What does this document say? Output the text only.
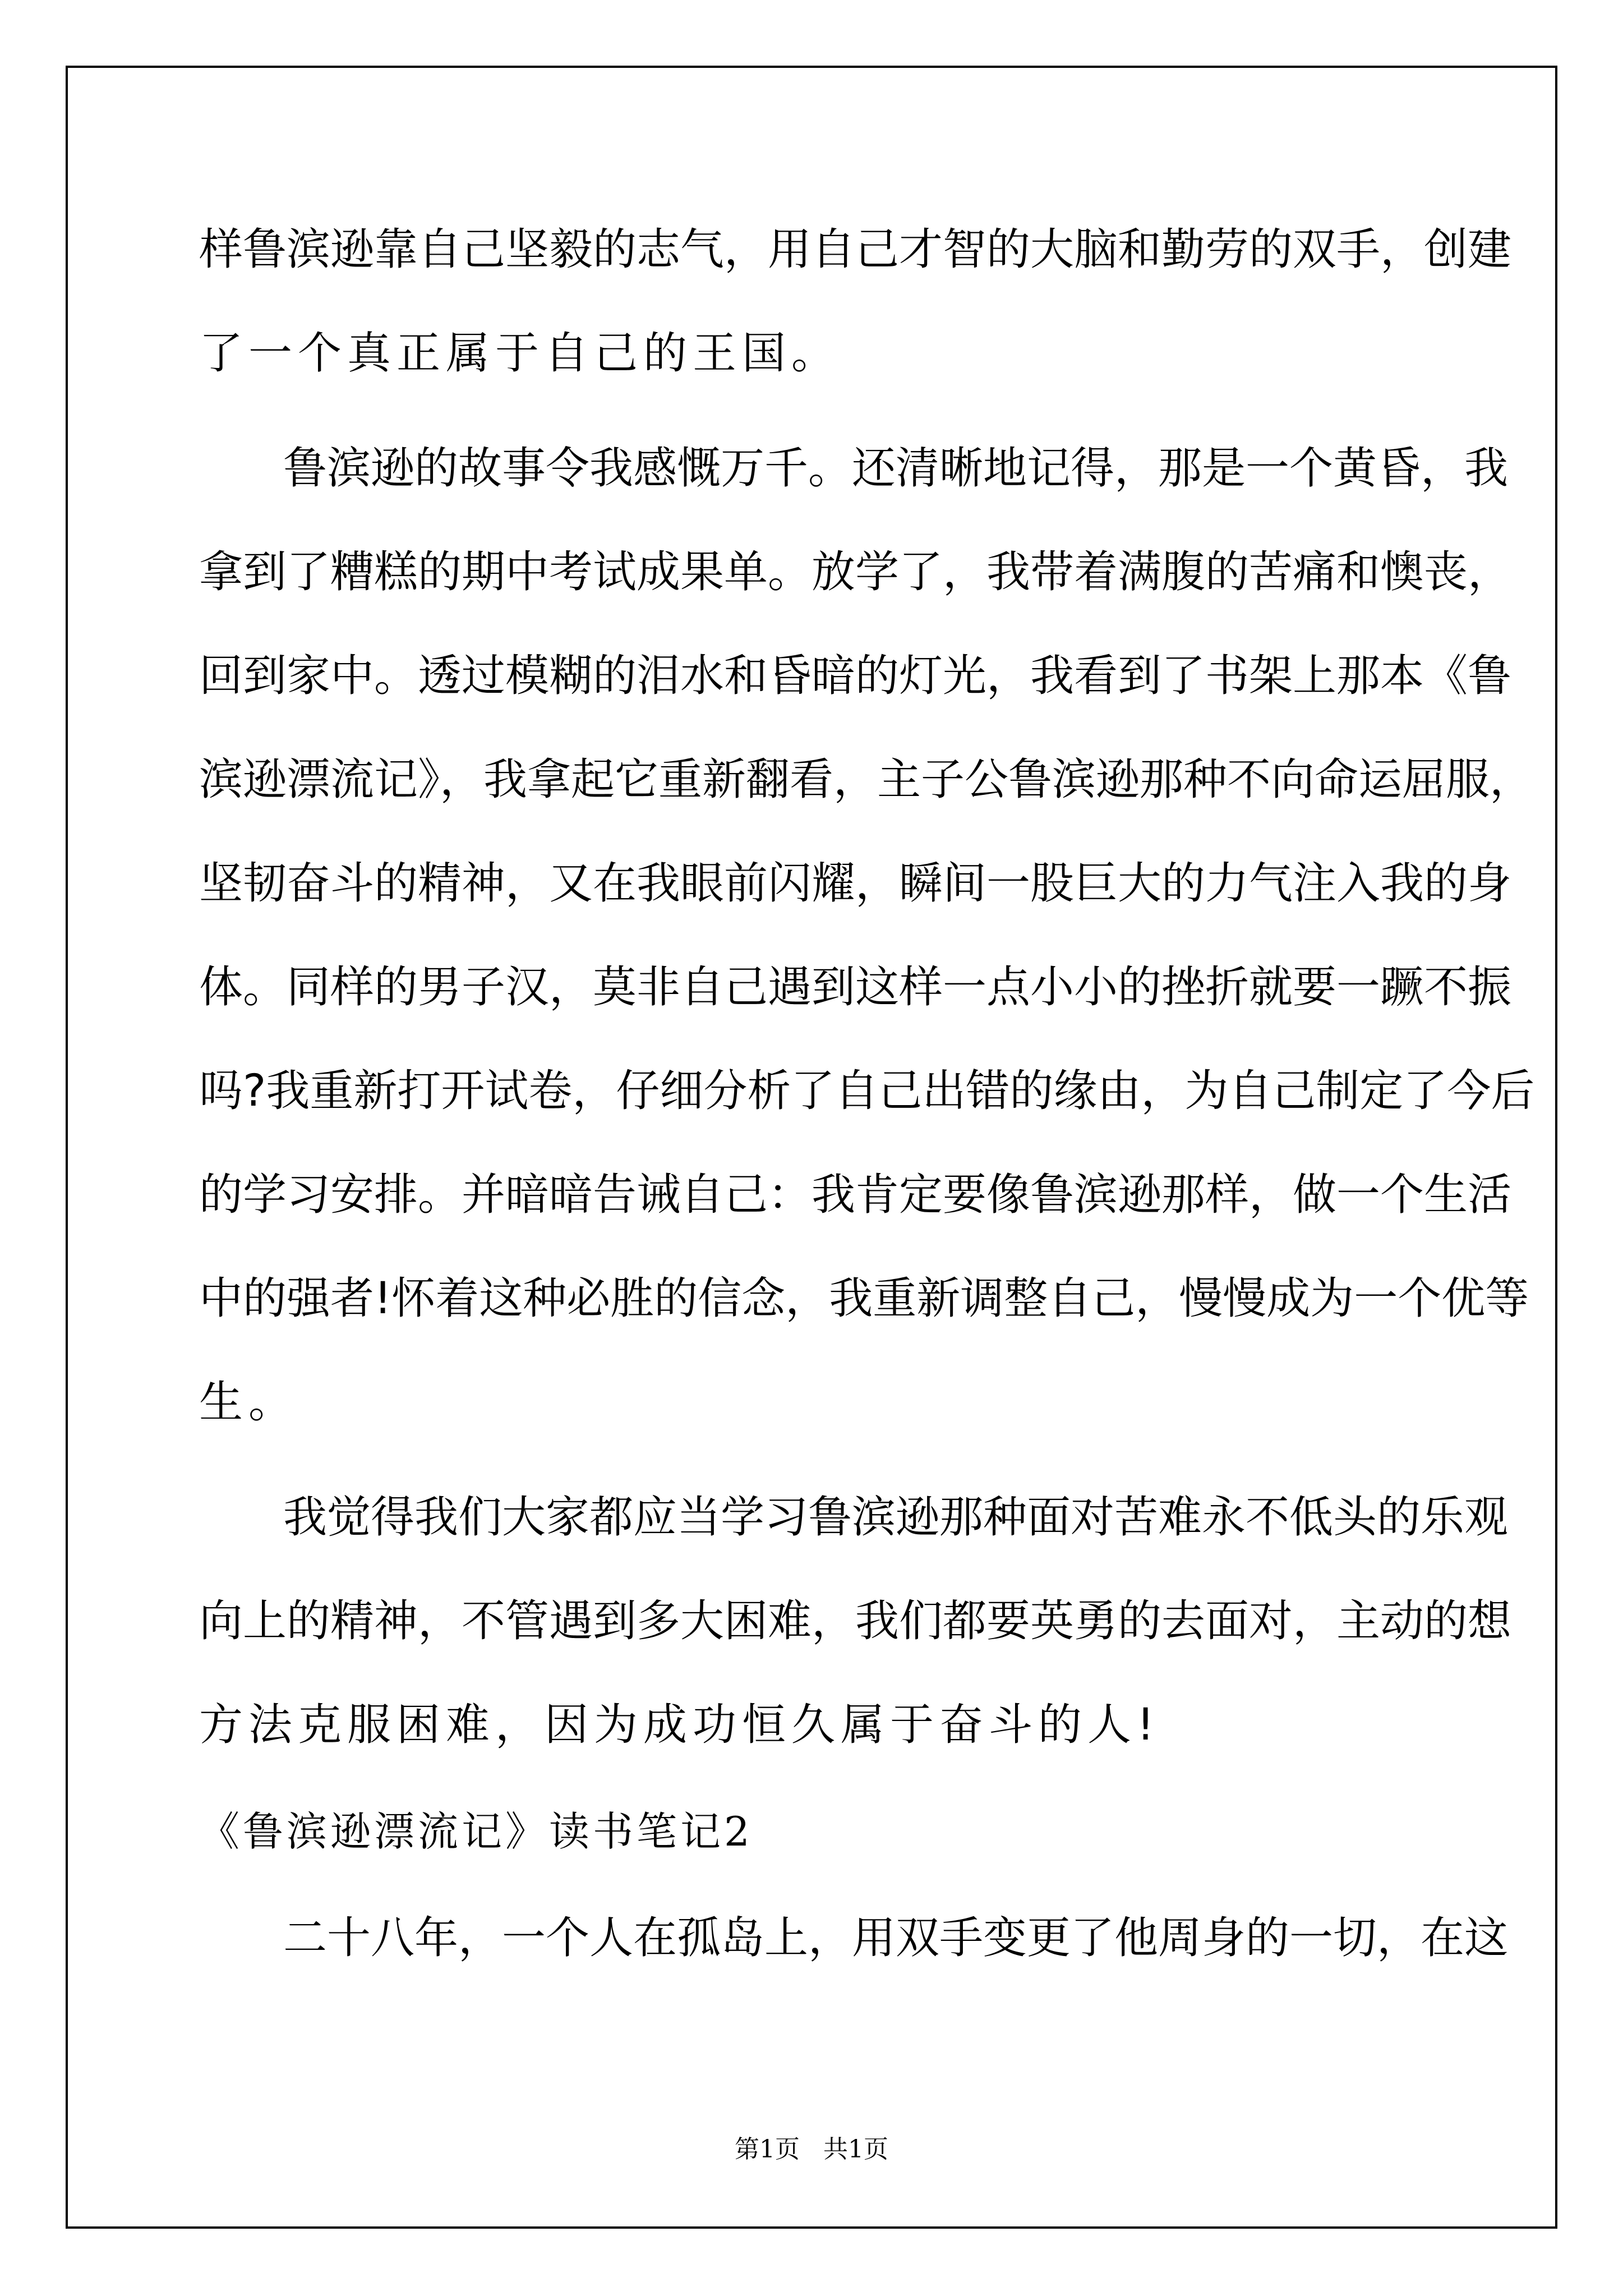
样鲁滨逊靠自己坚毅的志气，用自己才智的大脑和勤劳的双手，创建
了一个真正属于自己的王国。
鲁滨逊的故事令我感慨万千。还清晰地记得，那是一个黄昏，我
拿到了糟糕的期中考试成果单。放学了，我带着满腹的苦痛和懊丧，
回到家中。透过模糊的泪水和昏暗的灯光，我看到了书架上那本《鲁
滨逊漂流记》，我拿起它重新翻看，主子公鲁滨逊那种不向命运屈服，
坚韧奋斗的精神，又在我眼前闪耀，瞬间一股巨大的力气注入我的身
体。同样的男子汉，莫非自己遇到这样一点小小的挫折就要一蹶不振
吗?我重新打开试卷，仔细分析了自己出错的缘由，为自己制定了今后
的学习安排。并暗暗告诫自己：我肯定要像鲁滨逊那样，做一个生活
中的强者!怀着这种必胜的信念，我重新调整自己，慢慢成为一个优等
生。
我觉得我们大家都应当学习鲁滨逊那种面对苦难永不低头的乐观
向上的精神，不管遇到多大困难，我们都要英勇的去面对，主动的想
方法克服困难，因为成功恒久属于奋斗的人!
《鲁滨逊漂流记》读书笔记2
二十八年，一个人在孤岛上，用双手变更了他周身的一切，在这
第1页   共1页
